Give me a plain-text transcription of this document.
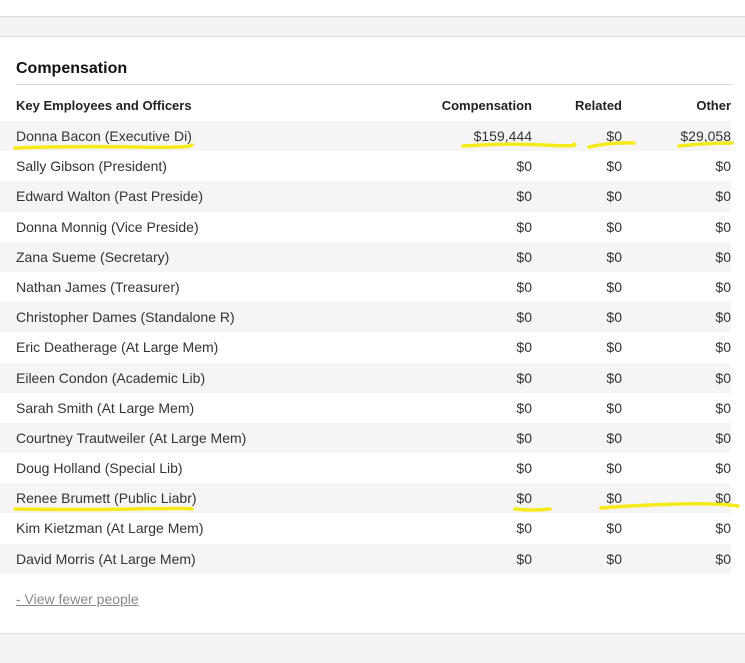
Compensation
Key Employees and Officers	Compensation	Related	Other
Donna Bacon (Executive Di)	$159,444	$0	$29,058
Sally Gibson (President)	$0	$0	$0
Edward Walton (Past Preside)	$0	$0	$0
Donna Monnig (Vice Preside)	$0	$0	$0
Zana Sueme (Secretary)	$0	$0	$0
Nathan James (Treasurer)	$0	$0	$0
Christopher Dames (Standalone R)	$0	$0	$0
Eric Deatherage (At Large Mem)	$0	$0	$0
Eileen Condon (Academic Lib)	$0	$0	$0
Sarah Smith (At Large Mem)	$0	$0	$0
Courtney Trautweiler (At Large Mem)	$0	$0	$0
Doug Holland (Special Lib)	$0	$0	$0
Renee Brumett (Public Liabr)	$0	$0	$0
Kim Kietzman (At Large Mem)	$0	$0	$0
David Morris (At Large Mem)	$0	$0	$0
- View fewer people
